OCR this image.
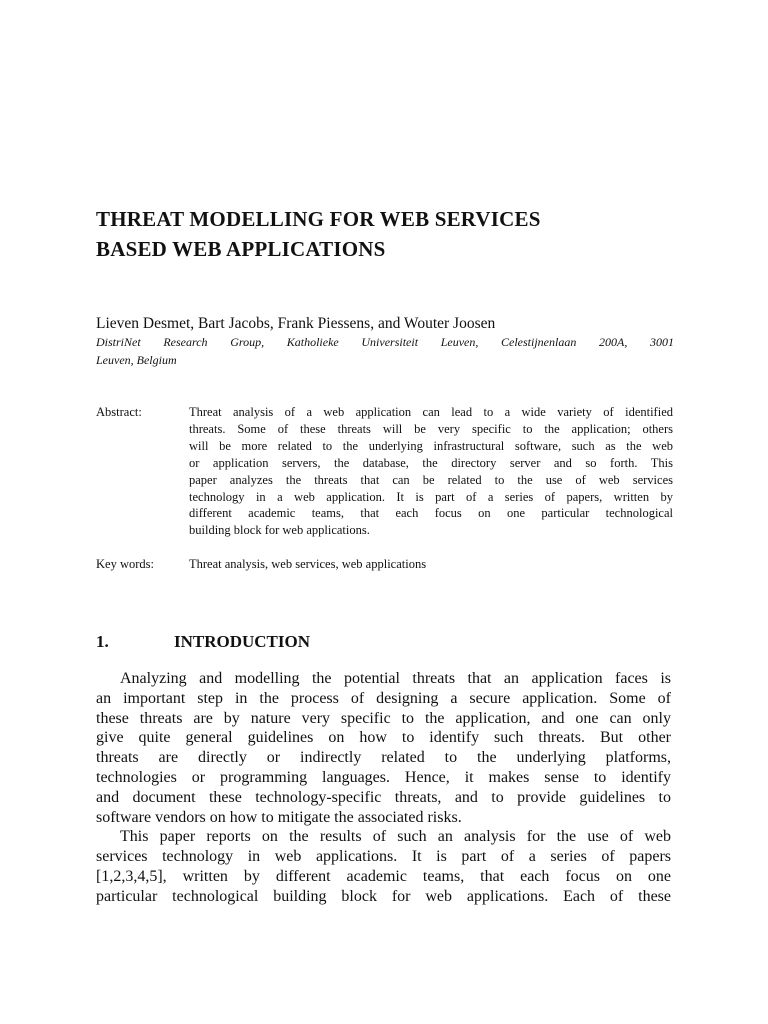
THREAT MODELLING FOR WEB SERVICES
BASED WEB APPLICATIONS

Lieven Desmet, Bart Jacobs, Frank Piessens, and Wouter Joosen

DistriNet Research Group, Katholieke Universiteit Leuven, Celestijnenlaan 200A, 3001
Leuven, Belgium

Abstract:	Threat analysis of a web application can lead to a wide variety of identified
threats. Some of these threats will be very specific to the application; others
will be more related to the underlying infrastructural software, such as the web
or application servers, the database, the directory server and so forth. This
paper analyzes the threats that can be related to the use of web services
technology in a web application. It is part of a series of papers, written by
different academic teams, that each focus on one particular technological
building block for web applications.

Key words:	Threat analysis, web services, web applications
1.	INTRODUCTION

Analyzing and modelling the potential threats that an application faces is
an important step in the process of designing a secure application. Some of
these threats are by nature very specific to the application, and one can only
give quite general guidelines on how to identify such threats. But other
threats are directly or indirectly related to the underlying platforms,
technologies or programming languages. Hence, it makes sense to identify
and document these technology-specific threats, and to provide guidelines to
software vendors on how to mitigate the associated risks.
This paper reports on the results of such an analysis for the use of web
services technology in web applications. It is part of a series of papers
[1,2,3,4,5], written by different academic teams, that each focus on one
particular technological building block for web applications. Each of these
